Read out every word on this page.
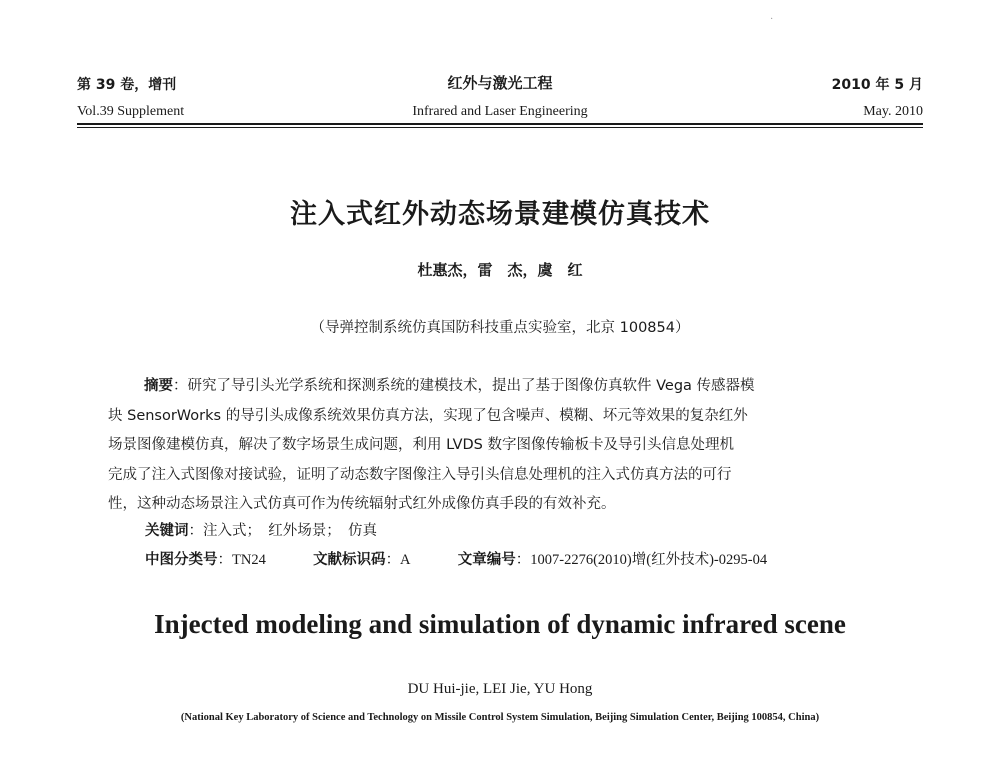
第 39 卷，增刊
Vol.39 Supplement
红外与激光工程
Infrared and Laser Engineering
2010 年 5 月
May. 2010
·
注入式红外动态场景建模仿真技术
杜惠杰，雷　杰，虞　红
（导弹控制系统仿真国防科技重点实验室，北京 100854）
摘要：研究了导引头光学系统和探测系统的建模技术，提出了基于图像仿真软件 Vega 传感器模
块 SensorWorks 的导引头成像系统效果仿真方法，实现了包含噪声、模糊、坏元等效果的复杂红外
场景图像建模仿真，解决了数字场景生成问题，利用 LVDS 数字图像传输板卡及导引头信息处理机
完成了注入式图像对接试验，证明了动态数字图像注入导引头信息处理机的注入式仿真方法的可行
性，这种动态场景注入式仿真可作为传统辐射式红外成像仿真手段的有效补充。
关键词：注入式；　红外场景；　仿真
中图分类号：TN24	文献标识码：A	文章编号：1007-2276(2010)增(红外技术)-0295-04
Injected modeling and simulation of dynamic infrared scene
DU Hui-jie, LEI Jie, YU Hong
(National Key Laboratory of Science and Technology on Missile Control System Simulation, Beijing Simulation Center, Beijing 100854, China)
